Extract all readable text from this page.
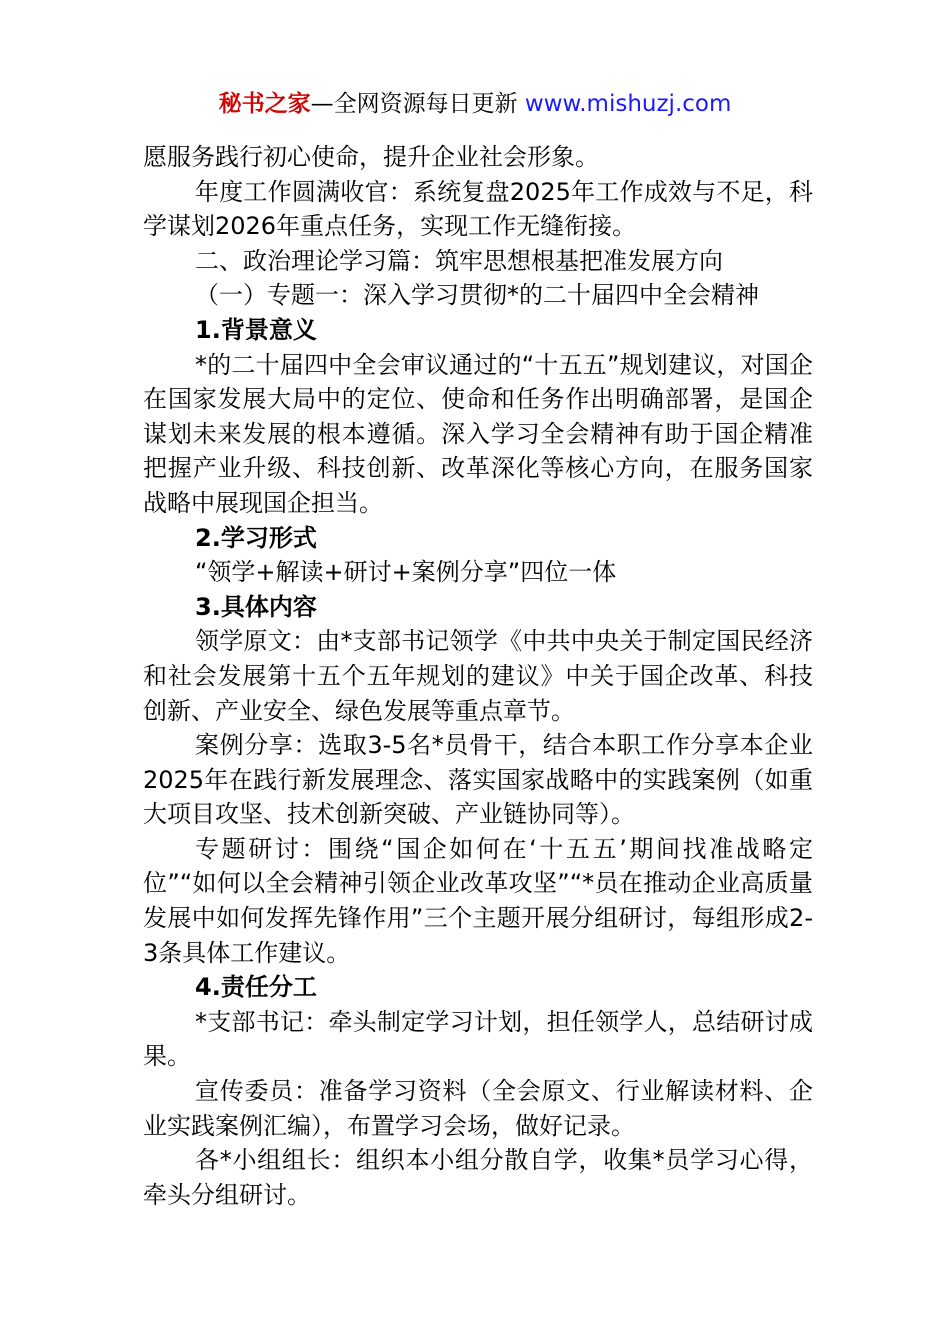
秘书之家—全网资源每日更新 www.mishuzj.com

愿服务践行初心使命，提升企业社会形象。

年度工作圆满收官：系统复盘2025年工作成效与不足，科学谋划2026年重点任务，实现工作无缝衔接。

二、政治理论学习篇：筑牢思想根基把准发展方向

（一）专题一：深入学习贯彻*的二十届四中全会精神

1.背景意义

*的二十届四中全会审议通过的“十五五”规划建议，对国企在国家发展大局中的定位、使命和任务作出明确部署，是国企谋划未来发展的根本遵循。深入学习全会精神有助于国企精准把握产业升级、科技创新、改革深化等核心方向，在服务国家战略中展现国企担当。

2.学习形式

“领学+解读+研讨+案例分享”四位一体

3.具体内容

领学原文：由*支部书记领学《中共中央关于制定国民经济和社会发展第十五个五年规划的建议》中关于国企改革、科技创新、产业安全、绿色发展等重点章节。

案例分享：选取3-5名*员骨干，结合本职工作分享本企业2025年在践行新发展理念、落实国家战略中的实践案例（如重大项目攻坚、技术创新突破、产业链协同等）。

专题研讨：围绕“国企如何在‘十五五’期间找准战略定位”“如何以全会精神引领企业改革攻坚”“*员在推动企业高质量发展中如何发挥先锋作用”三个主题开展分组研讨，每组形成2-3条具体工作建议。

4.责任分工

*支部书记：牵头制定学习计划，担任领学人，总结研讨成果。

宣传委员：准备学习资料（全会原文、行业解读材料、企业实践案例汇编），布置学习会场，做好记录。

各*小组组长：组织本小组分散自学，收集*员学习心得，牵头分组研讨。
